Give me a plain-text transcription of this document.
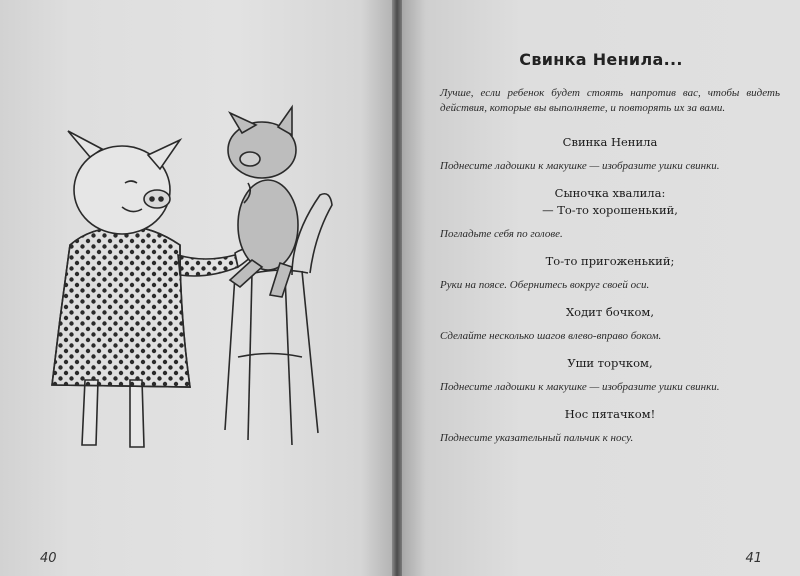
40
Свинка Ненила...

Лучше, если ребенок будет стоять напротив вас, чтобы видеть действия, которые вы выполняете, и повторять их за вами.

Свинка Ненила

Поднесите ладошки к макушке — изобразите ушки свинки.

Сыночка хвалила:

— То-то хорошенький,

Погладьте себя по голове.

То-то пригоженький;

Руки на поясе. Обернитесь вокруг своей оси.

Ходит бочком,

Сделайте несколько шагов влево-вправо боком.

Уши торчком,

Поднесите ладошки к макушке — изобразите ушки свинки.

Нос пятачком!

Поднесите указательный пальчик к носу.

41
